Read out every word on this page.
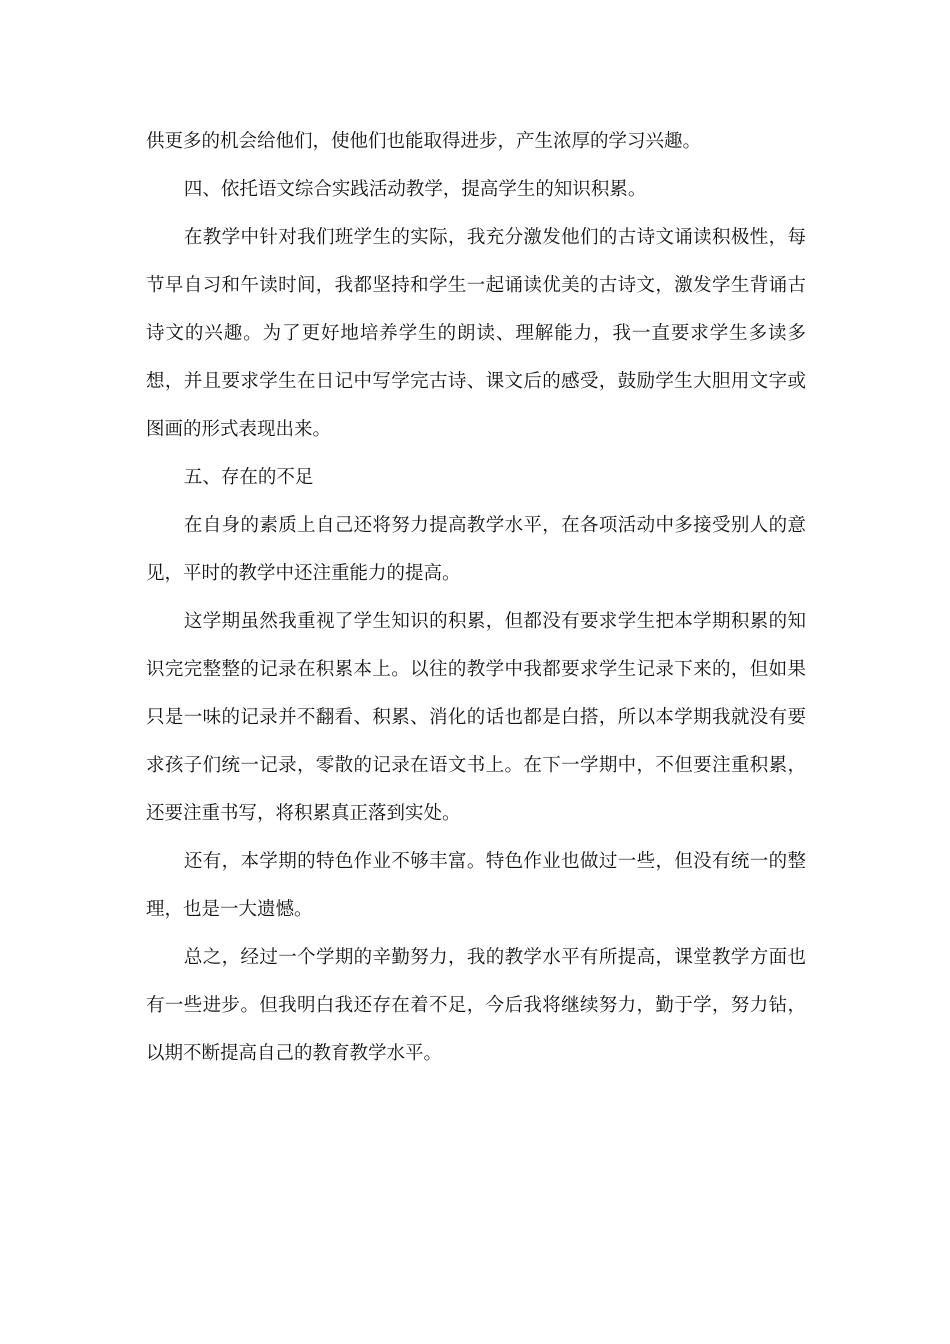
供更多的机会给他们，使他们也能取得进步，产生浓厚的学习兴趣。

四、依托语文综合实践活动教学，提高学生的知识积累。

在教学中针对我们班学生的实际，我充分激发他们的古诗文诵读积极性，每节早自习和午读时间，我都坚持和学生一起诵读优美的古诗文，激发学生背诵古诗文的兴趣。为了更好地培养学生的朗读、理解能力，我一直要求学生多读多想，并且要求学生在日记中写学完古诗、课文后的感受，鼓励学生大胆用文字或图画的形式表现出来。

五、存在的不足

在自身的素质上自己还将努力提高教学水平，在各项活动中多接受别人的意见，平时的教学中还注重能力的提高。

这学期虽然我重视了学生知识的积累，但都没有要求学生把本学期积累的知识完完整整的记录在积累本上。以往的教学中我都要求学生记录下来的，但如果只是一味的记录并不翻看、积累、消化的话也都是白搭，所以本学期我就没有要求孩子们统一记录，零散的记录在语文书上。在下一学期中，不但要注重积累，还要注重书写，将积累真正落到实处。

还有，本学期的特色作业不够丰富。特色作业也做过一些，但没有统一的整理，也是一大遗憾。

总之，经过一个学期的辛勤努力，我的教学水平有所提高，课堂教学方面也有一些进步。但我明白我还存在着不足，今后我将继续努力，勤于学，努力钻，以期不断提高自己的教育教学水平。
